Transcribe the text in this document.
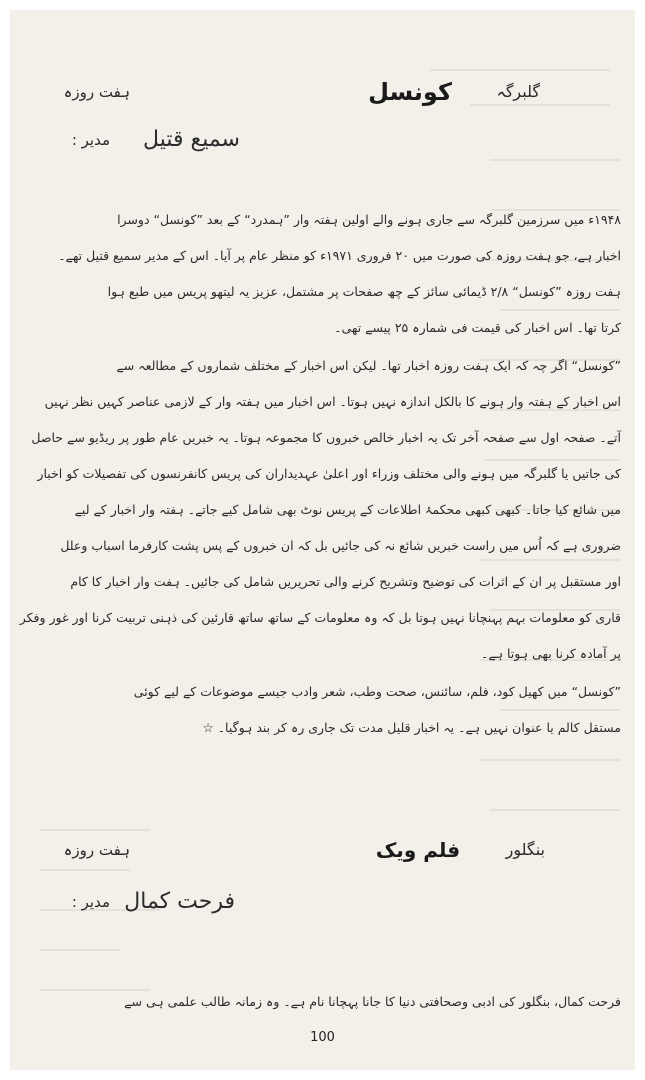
ہفت روزہ	کونسل	گلبرگہ
مدیر :	سمیع قتیل
۱۹۴۸ء میں سرزمین گلبرگہ سے جاری ہونے والے اولین ہفتہ وار ”ہمدرد“ کے بعد ”کونسل“ دوسرا
اخبار ہے، جو ہفت روزہ کی صورت میں ۲۰ فروری ۱۹۷۱ء کو منظر عام پر آیا۔ اس کے مدیر سمیع قتیل تھے۔
ہفت روزہ ”کونسل“ ۲/۸ ڈیمائی سائز کے چھ صفحات پر مشتمل، عزیز یہ لیتھو پریس میں طبع ہوا
کرتا تھا۔ اس اخبار کی قیمت فی شمارہ ۲۵ پیسے تھی۔
”کونسل“ اگر چہ کہ ایک ہفت روزہ اخبار تھا۔ لیکن اس اخبار کے مختلف شماروں کے مطالعہ سے
اس اخبار کے ہفتہ وار ہونے کا بالکل اندازہ نہیں ہوتا۔ اس اخبار میں ہفتہ وار کے لازمی عناصر کہیں نظر نہیں
آتے۔ صفحہ اول سے صفحہ آخر تک یہ اخبار خالص خبروں کا مجموعہ ہوتا۔ یہ خبریں عام طور پر ریڈیو سے حاصل
کی جاتیں یا گلبرگہ میں ہونے والی مختلف وزراء اور اعلیٰ عہدیداران کی پریس کانفرنسوں کی تفصیلات کو اخبار
میں شائع کیا جاتا۔ کبھی کبھی محکمۂ اطلاعات کے پریس نوٹ بھی شامل کیے جاتے۔ ہفتہ وار اخبار کے لیے
ضروری ہے کہ اُس میں راست خبریں شائع نہ کی جائیں بل کہ ان خبروں کے پس پشت کارفرما اسباب وعلل
اور مستقبل پر ان کے اثرات کی توضیح وتشریح کرنے والی تحریریں شامل کی جائیں۔ ہفت وار اخبار کا کام
قاری کو معلومات بہم پہنچانا نہیں ہوتا بل کہ وہ معلومات کے ساتھ ساتھ قارئین کی ذہنی تربیت کرنا اور غور وفکر
پر آمادہ کرنا بھی ہوتا ہے۔
”کونسل“ میں کھیل کود، فلم، سائنس، صحت وطب، شعر وادب جیسے موضوعات کے لیے کوئی
مستقل کالم یا عنوان نہیں ہے۔ یہ اخبار قلیل مدت تک جاری رہ کر بند ہوگیا۔ ☆
ہفت روزہ	فلم ویک	بنگلور
مدیر : فرحت کمال
فرحت کمال، بنگلور کی ادبی وصحافتی دنیا کا جانا پہچانا نام ہے۔ وہ زمانہ طالب علمی ہی سے
100
